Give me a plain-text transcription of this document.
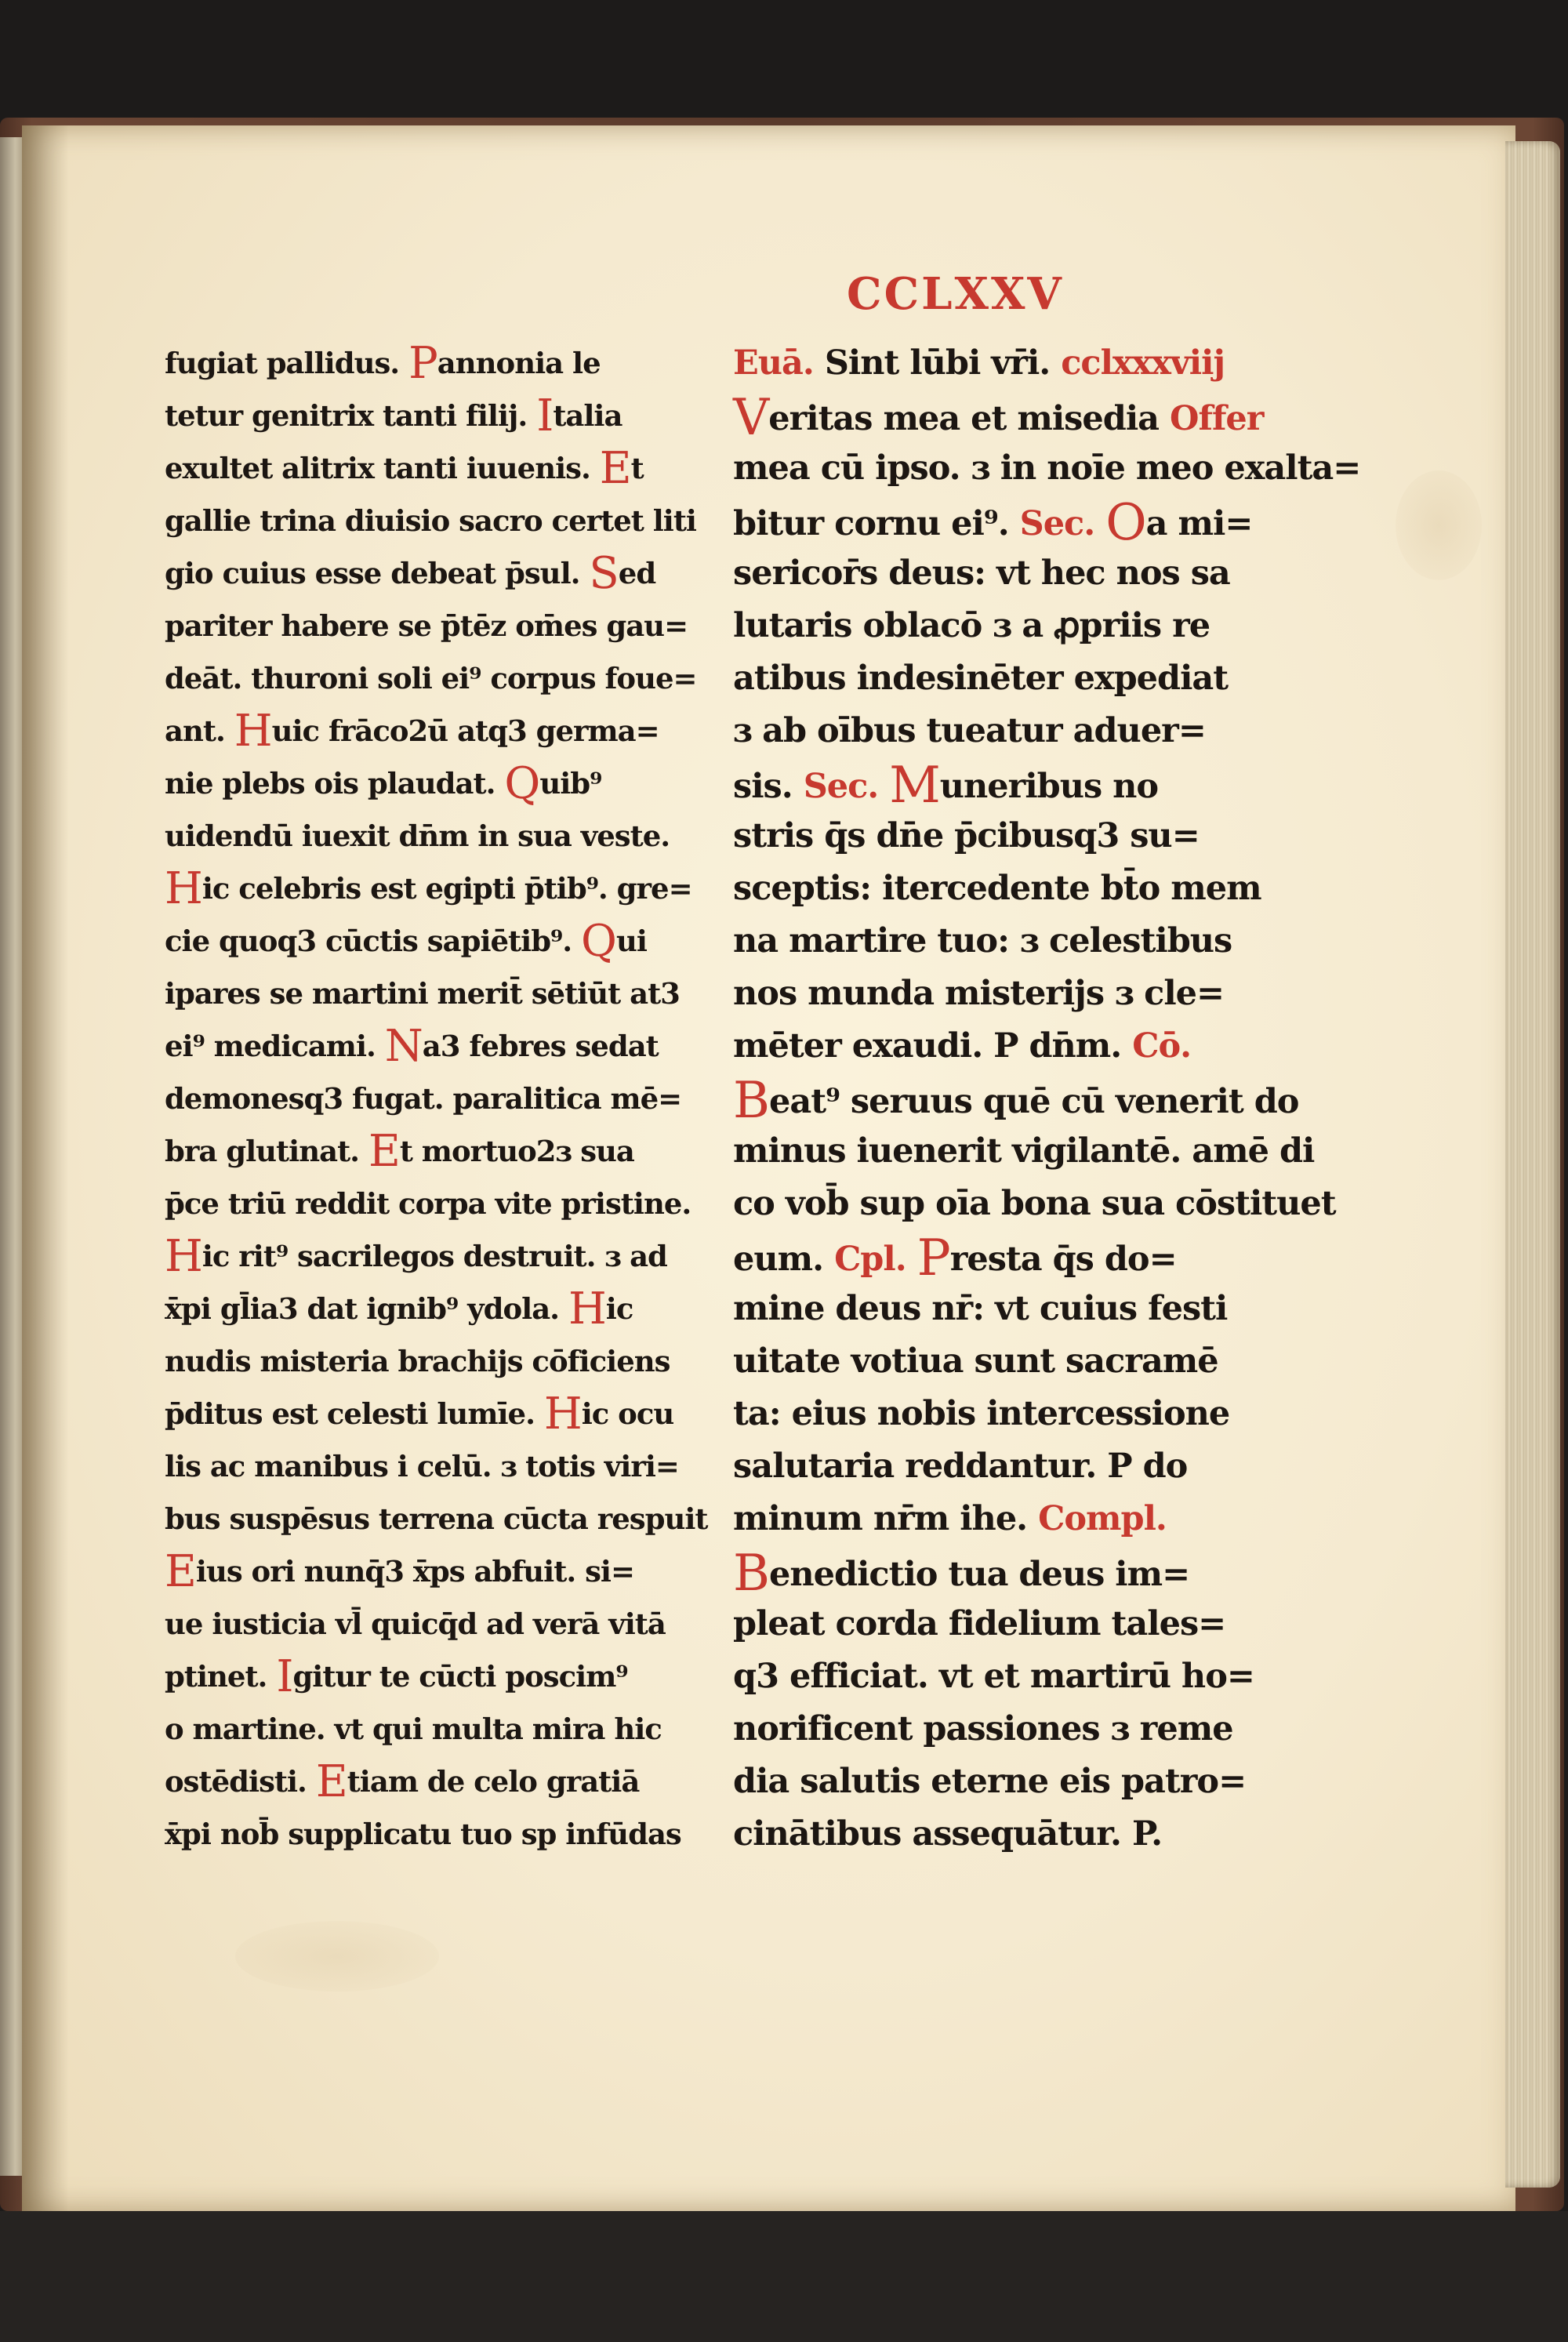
CCLXXV
fugiat pallidus. Pannonia le
tetur genitrix tanti filij. Italia
exultet alitrix tanti iuuenis. Et
gallie trina diuisio sacro certet liti
gio cuius esse debeat p̄sul. Sed
pariter habere se p̄tēz om̄es gau=
deāt. thuroni soli ei⁹ corpus foue=
ant. Huic frāco2ū atq3 germa=
nie plebs ois plaudat. Quib⁹
uidendū iuexit dn̄m in sua veste.
Hic celebris est egipti p̄tib⁹. gre=
cie quoq3 cūctis sapiētib⁹. Qui
ipares se martini merit̄ sētiūt at3
ei⁹ medicami. Na3 febres sedat
demonesq3 fugat. paralitica mē=
bra glutinat. Et mortuo2ɜ sua
p̄ce triū reddit corpa vite pristine.
Hic rit⁹ sacrilegos destruit. ɜ ad
x̄pi gl̄ia3 dat ignib⁹ ydola. Hic
nudis misteria brachijs cōficiens
p̄ditus est celesti lumīe. Hic ocu
lis ac manibus i celū. ɜ totis viri=
bus suspēsus terrena cūcta respuit
Eius ori nunq̄3 x̄ps abfuit. si=
ue iusticia vl̄ quicq̄d ad verā vitā
ptinet. Igitur te cūcti poscim⁹
o martine. vt qui multa mira hic
ostēdisti. Etiam de celo gratiā
x̄pi nob̄ supplicatu tuo sp infūdas
Euā. Sint lūbi vr̄i. cclxxxviij
Veritas mea et misedia Offer
mea cū ipso. ɜ in noīe meo exalta=
bitur cornu ei⁹. Sec. Oa mi=
sericor̄s deus: vt hec nos sa
lutaris oblacō ɜ a ꝓpriis re
atibus indesinēter expediat
ɜ ab oībus tueatur aduer=
sis. Sec. Muneribus no
stris q̄s dn̄e p̄cibusq3 su=
sceptis: itercedente bt̄o mem
na martire tuo: ɜ celestibus
nos munda misterijs ɜ cle=
mēter exaudi. P dn̄m. Cō.
Beat⁹ seruus quē cū venerit do
minus iuenerit vigilantē. amē di
co vob̄ sup oīa bona sua cōstituet
eum. Cpl. Presta q̄s do=
mine deus nr̄: vt cuius festi
uitate votiua sunt sacramē
ta: eius nobis intercessione
salutaria reddantur. P do
minum nr̄m ihe. Compl.
Benedictio tua deus im=
pleat corda fidelium tales=
q3 efficiat. vt et martirū ho=
norificent passiones ɜ reme
dia salutis eterne eis patro=
cinātibus assequātur. P.
